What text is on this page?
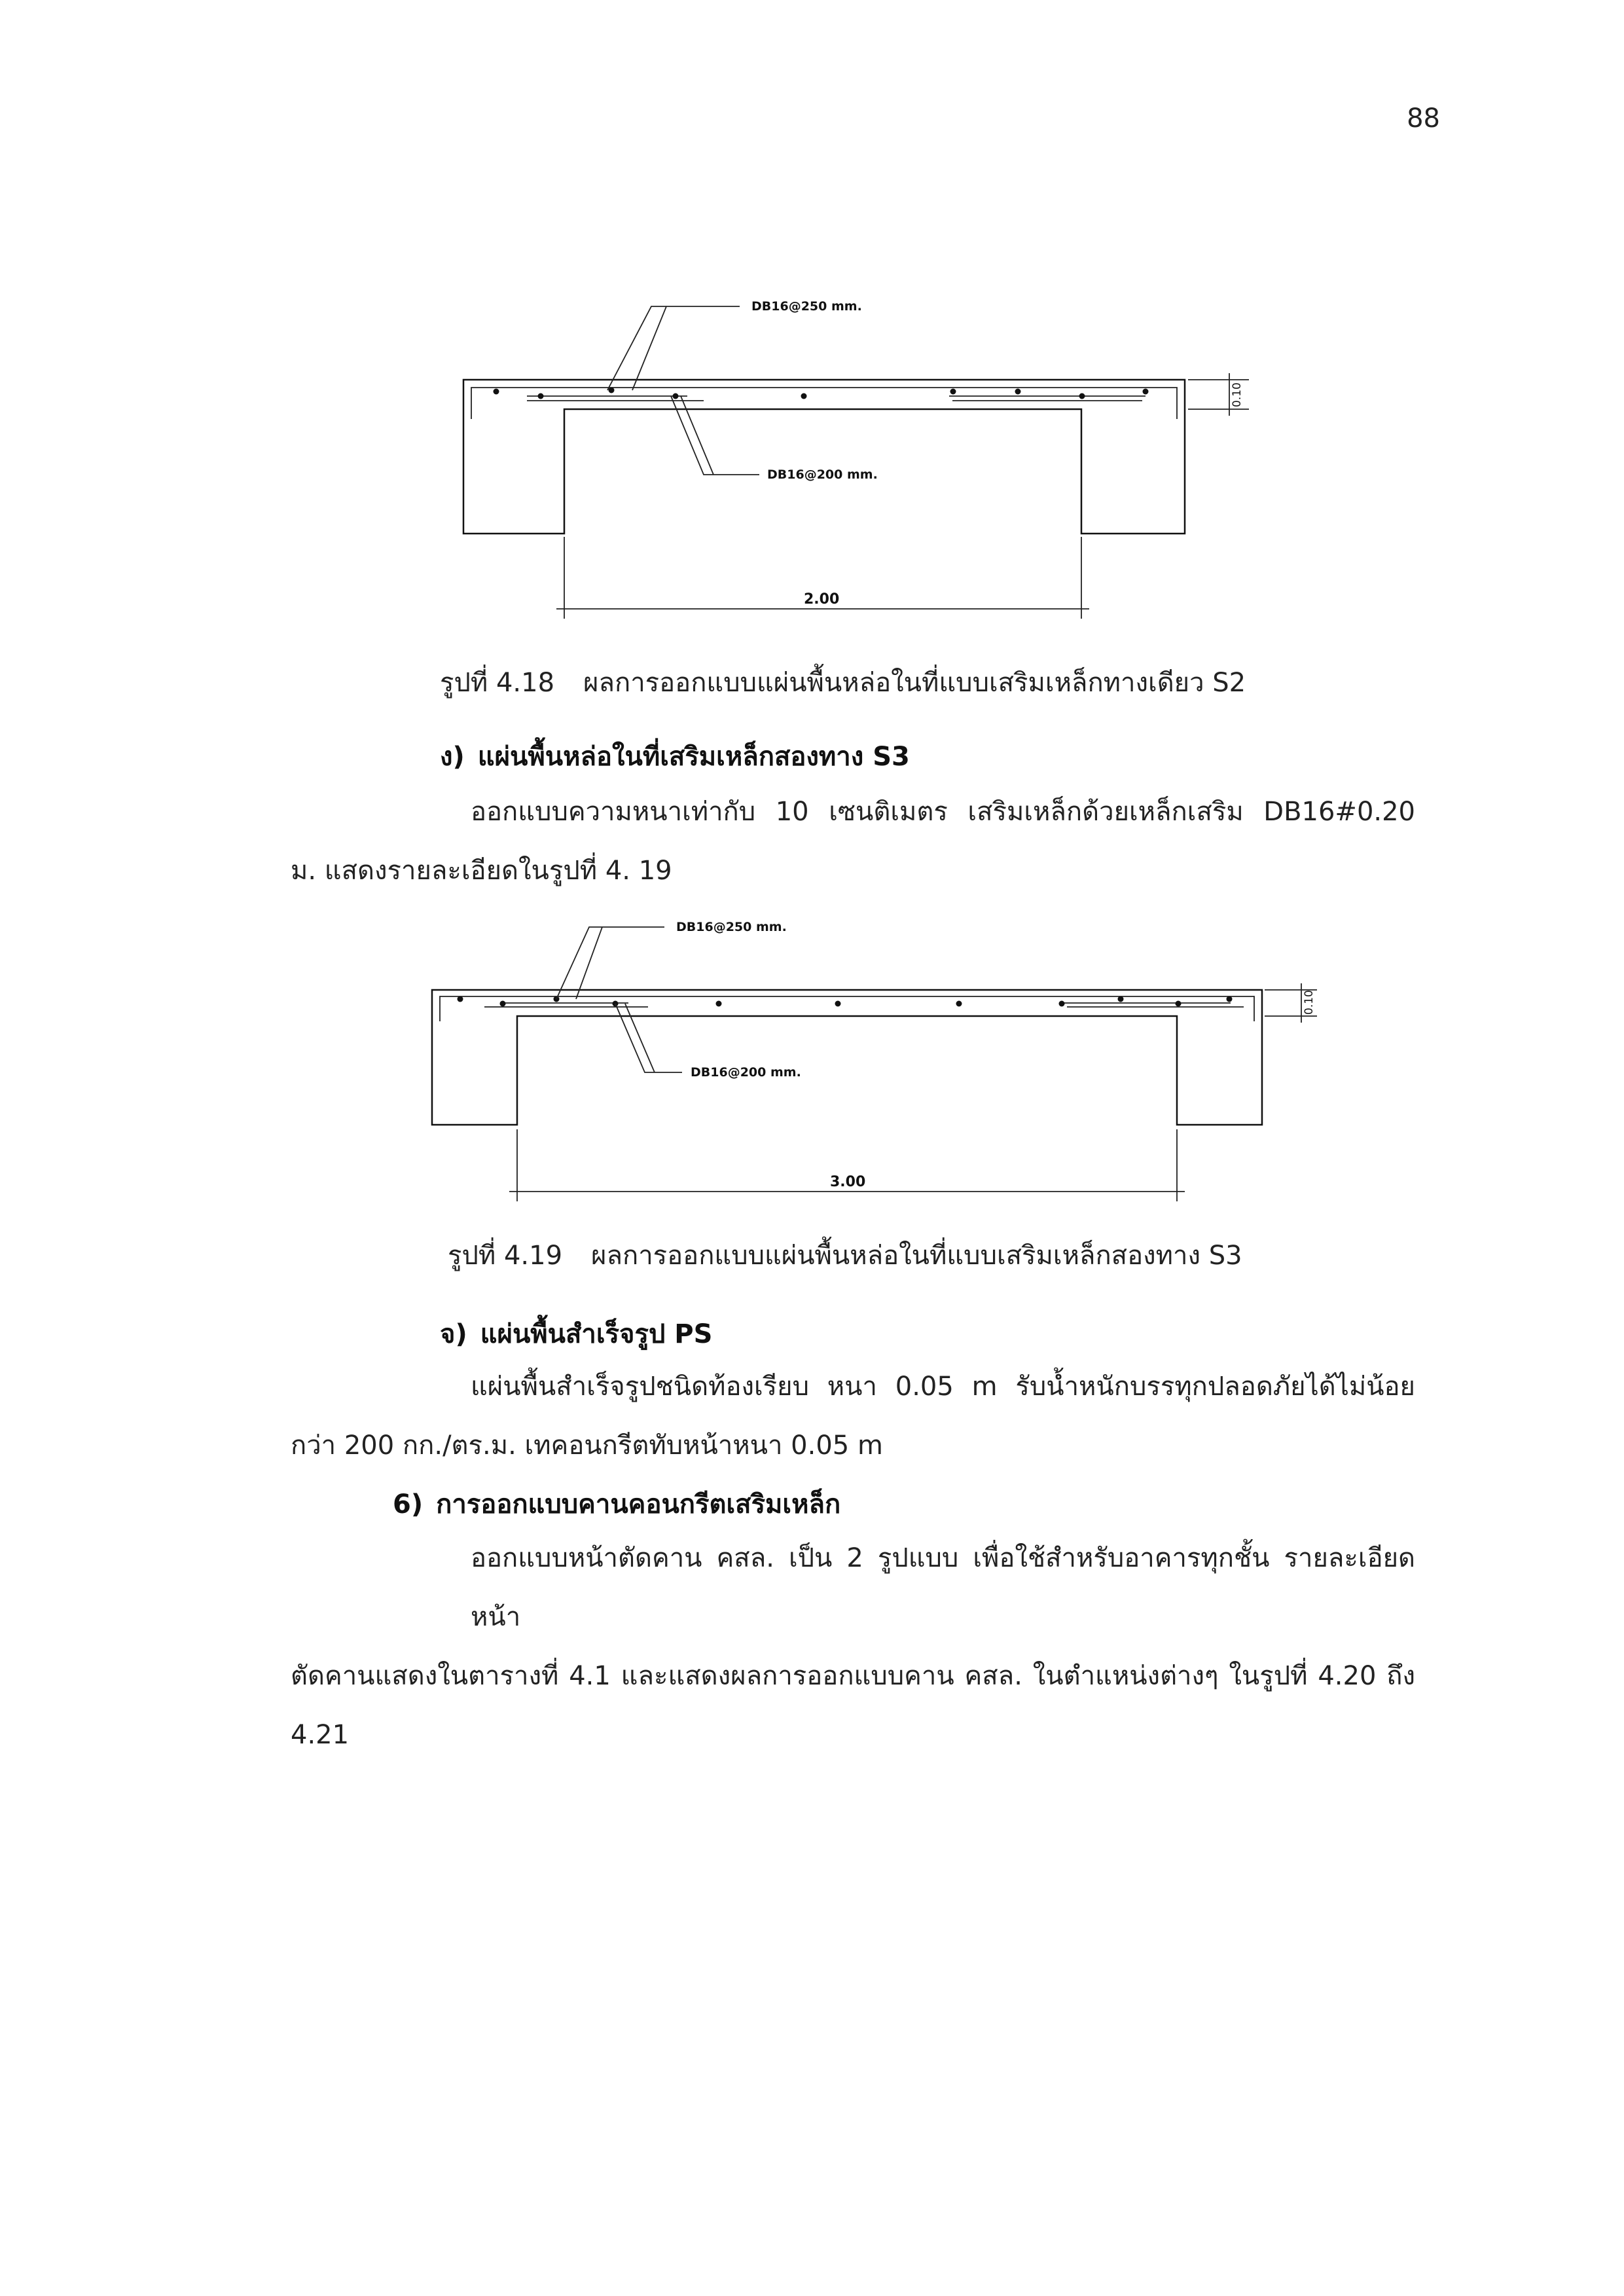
88
DB16@250 mm.
DB16@200 mm.
0.10
2.00
รูปที่ 4.18 ผลการออกแบบแผ่นพื้นหล่อในที่แบบเสริมเหล็กทางเดียว S2
ง) แผ่นพื้นหล่อในที่เสริมเหล็กสองทาง S3
ออกแบบความหนาเท่ากับ 10 เซนติเมตร เสริมเหล็กด้วยเหล็กเสริม DB16#0.20
ม. แสดงรายละเอียดในรูปที่ 4. 19
DB16@250 mm.
DB16@200 mm.
0.10
3.00
รูปที่ 4.19 ผลการออกแบบแผ่นพื้นหล่อในที่แบบเสริมเหล็กสองทาง S3
จ) แผ่นพื้นสำเร็จรูป PS
แผ่นพื้นสำเร็จรูปชนิดท้องเรียบ หนา 0.05 m รับน้ำหนักบรรทุกปลอดภัยได้ไม่น้อย
กว่า 200 กก./ตร.ม. เทคอนกรีตทับหน้าหนา 0.05 m
6) การออกแบบคานคอนกรีตเสริมเหล็ก
ออกแบบหน้าตัดคาน คสล. เป็น 2 รูปแบบ เพื่อใช้สำหรับอาคารทุกชั้น รายละเอียดหน้า
ตัดคานแสดงในตารางที่ 4.1 และแสดงผลการออกแบบคาน คสล. ในตำแหน่งต่างๆ ในรูปที่ 4.20 ถึง
4.21
